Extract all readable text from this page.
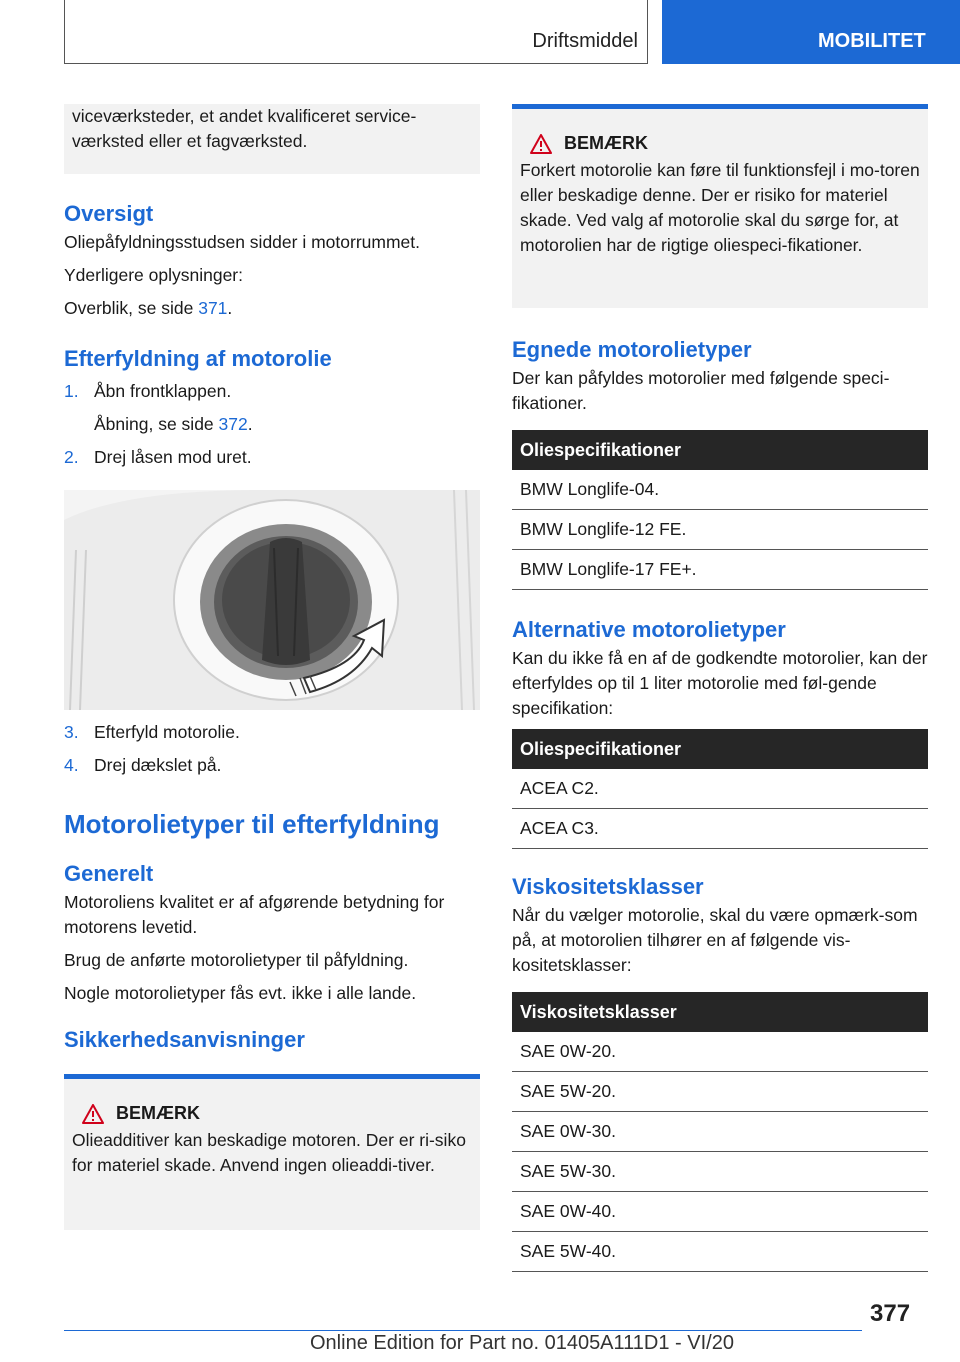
Driftsmiddel	MOBILITET

viceværksteder, et andet kvalificeret service-værksted eller et fagværksted.

Oversigt

Oliepåfyldningsstudsen sidder i motorrummet.

Yderligere oplysninger:

Overblik, se side 371.

Efterfyldning af motorolie
1. Åbn frontklappen.
Åbning, se side 372.
2. Drej låsen mod uret.
3. Efterfyld motorolie.
4. Drej dækslet på.
Motorolietyper til efterfyldning
Generelt

Motoroliens kvalitet er af afgørende betydning for motorens levetid.

Brug de anførte motorolietyper til påfyldning.

Nogle motorolietyper fås evt. ikke i alle lande.

Sikkerhedsanvisninger
BEMÆRK

Olieadditiver kan beskadige motoren. Der er ri-siko for materiel skade. Anvend ingen olieaddi-tiver.

BEMÆRK

Forkert motorolie kan føre til funktionsfejl i mo-toren eller beskadige denne. Der er risiko for materiel skade. Ved valg af motorolie skal du sørge for, at motorolien har de rigtige oliespeci-fikationer.

Egnede motorolietyper

Der kan påfyldes motorolier med følgende speci-fikationer.

Oliespecifikationer
BMW Longlife-04.
BMW Longlife-12 FE.
BMW Longlife-17 FE+.
Alternative motorolietyper

Kan du ikke få en af de godkendte motorolier, kan der efterfyldes op til 1 liter motorolie med føl-gende specifikation:

Oliespecifikationer
ACEA C2.
ACEA C3.
Viskositetsklasser

Når du vælger motorolie, skal du være opmærk-som på, at motorolien tilhører en af følgende vis-kositetsklasser:

Viskositetsklasser
SAE 0W-20.
SAE 5W-20.
SAE 0W-30.
SAE 5W-30.
SAE 0W-40.
SAE 5W-40.
377
Online Edition for Part no. 01405A111D1 - VI/20
